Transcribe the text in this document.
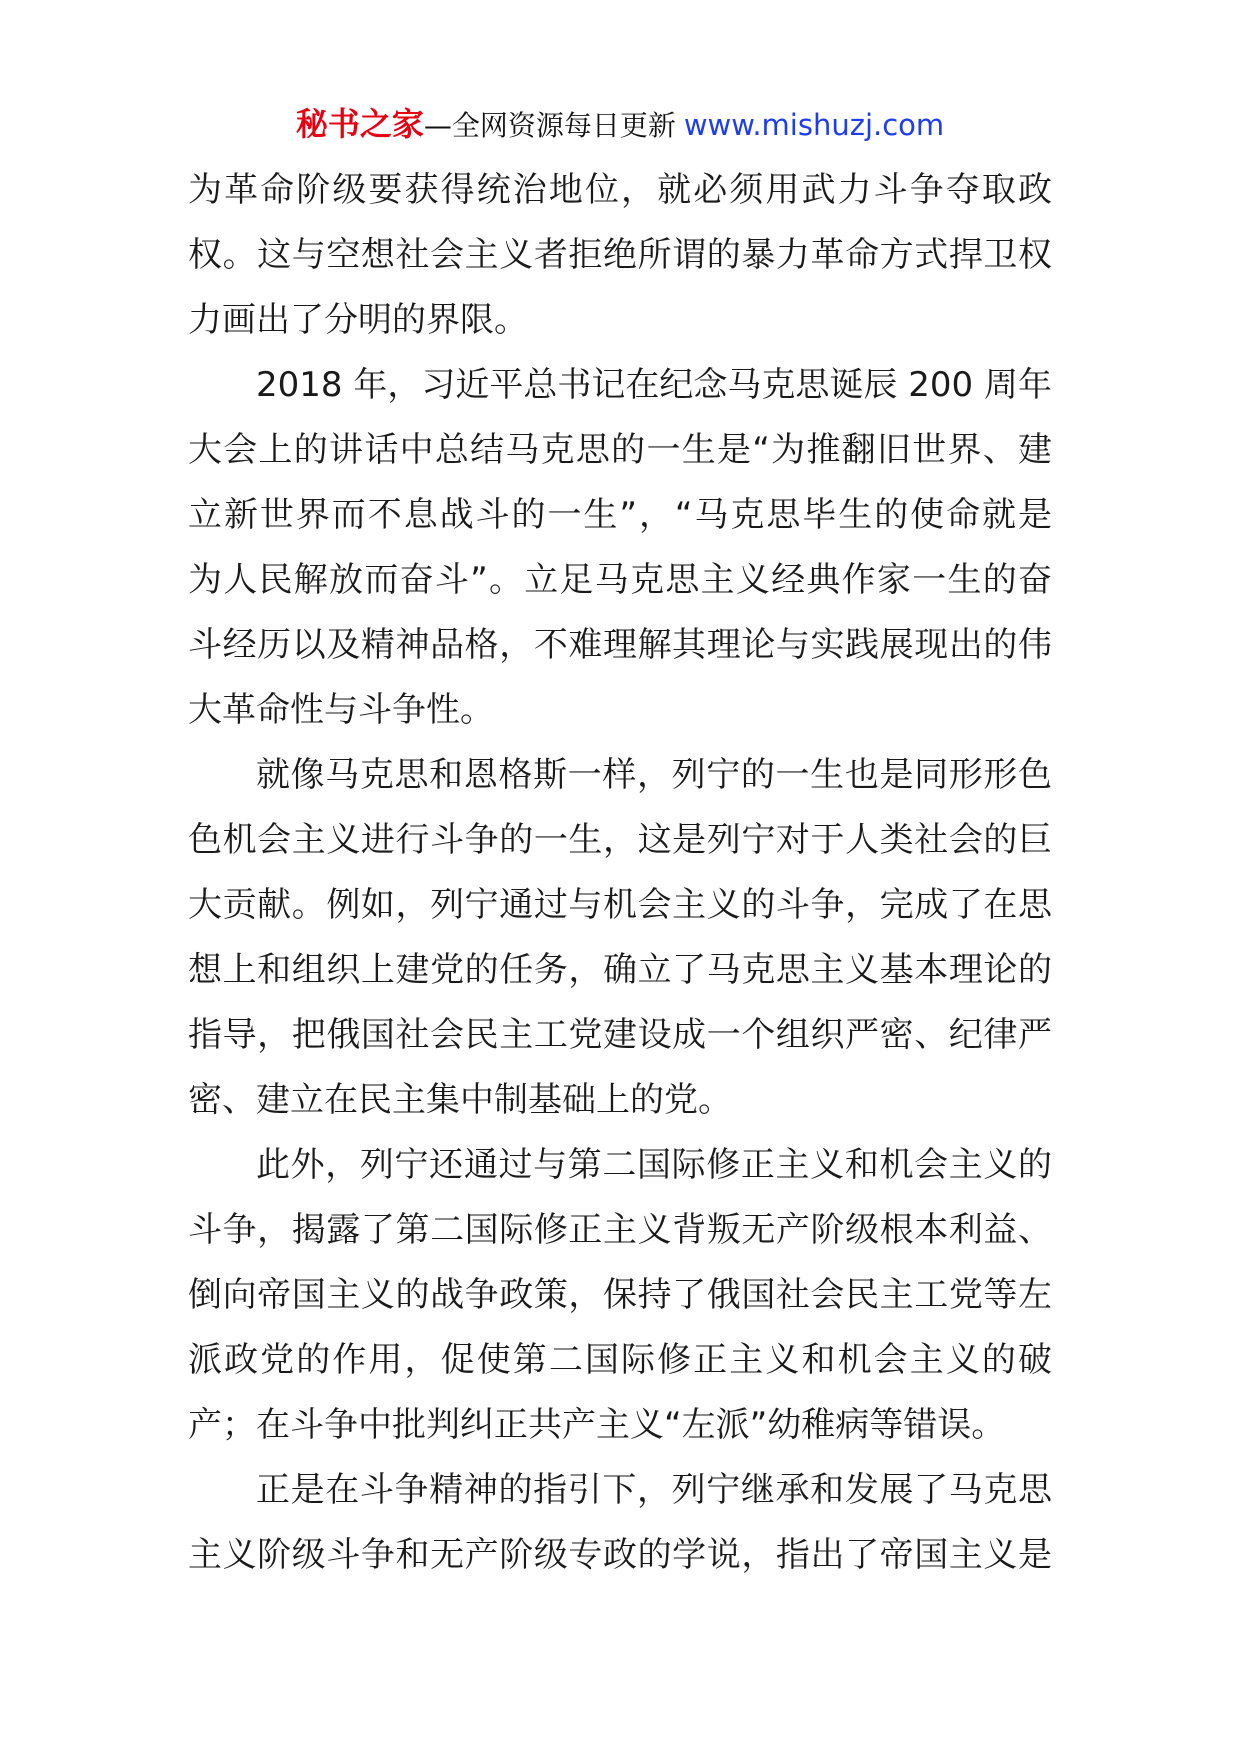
秘书之家—全网资源每日更新 www.mishuzj.com
为革命阶级要获得统治地位，就必须用武力斗争夺取政
权。这与空想社会主义者拒绝所谓的暴力革命方式捍卫权
力画出了分明的界限。
2018 年，习近平总书记在纪念马克思诞辰 200 周年
大会上的讲话中总结马克思的一生是“为推翻旧世界、建
立新世界而不息战斗的一生”，“马克思毕生的使命就是
为人民解放而奋斗”。立足马克思主义经典作家一生的奋
斗经历以及精神品格，不难理解其理论与实践展现出的伟
大革命性与斗争性。
就像马克思和恩格斯一样，列宁的一生也是同形形色
色机会主义进行斗争的一生，这是列宁对于人类社会的巨
大贡献。例如，列宁通过与机会主义的斗争，完成了在思
想上和组织上建党的任务，确立了马克思主义基本理论的
指导，把俄国社会民主工党建设成一个组织严密、纪律严
密、建立在民主集中制基础上的党。
此外，列宁还通过与第二国际修正主义和机会主义的
斗争，揭露了第二国际修正主义背叛无产阶级根本利益、
倒向帝国主义的战争政策，保持了俄国社会民主工党等左
派政党的作用，促使第二国际修正主义和机会主义的破
产；在斗争中批判纠正共产主义“左派”幼稚病等错误。
正是在斗争精神的指引下，列宁继承和发展了马克思
主义阶级斗争和无产阶级专政的学说，指出了帝国主义是
